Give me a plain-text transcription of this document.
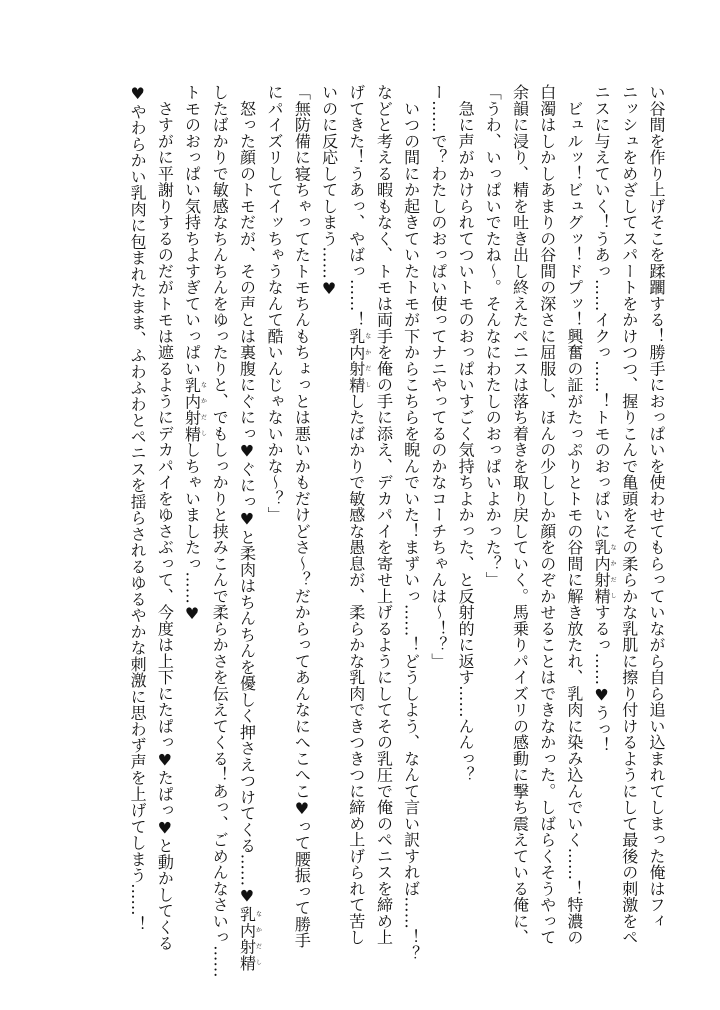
い谷間を作り上げそこを蹂躙する！勝手におっぱいを使わせてもらっていながら自ら追い込まれてしまった俺はフィ

ニッシュをめざしてスパートをかけつつ、握りこんで亀頭をその柔らかな乳肌に擦り付けるようにして最後の刺激をペ

ニスに与えていく！うあっ……イクっ……！トモのおっぱいに乳内射精なかだしするっ……♥うっ！

　ビュルッ！ビュグッ！ドプッ！興奮の証がたっぷりとトモの谷間に解き放たれ、乳肉に染み込んでいく……！特濃の

白濁はしかしあまりの谷間の深さに屈服し、ほんの少ししか顔をのぞかせることはできなかった。しばらくそうやって

余韻に浸り、精を吐き出し終えたペニスは落ち着きを取り戻していく。馬乗りパイズリの感動に撃ち震えている俺に、

「うわ、いっぱいでたね～。そんなにわたしのおっぱいよかった？」

　急に声がかけられてついトモのおっぱいすごく気持ちよかった、と反射的に返す……んんっ？

ー……で？わたしのおっぱい使ってナニやってるのかなコーチちゃんは～！？」

　いつの間にか起きていたトモが下からこちらを睨んでいた！まずいっ……！どうしよう、なんて言い訳すれば……！？

などと考える暇もなく、トモは両手を俺の手に添え、デカパイを寄せ上げるようにしてその乳圧で俺のペニスを締め上

げてきた！うあっ、やばっ……！乳内射精なかだししたばかりで敏感な愚息が、柔らかな乳肉できつきつに締め上げられて苦し

いのに反応してしまう……♥

「無防備に寝ちゃってたトモちんもちょっとは悪いかもだけどさ～？だからってあんなにへこへこ♥って腰振って勝手

にパイズリしてイッちゃうなんて酷いんじゃないかな～？」

　怒った顔のトモだが、その声とは裏腹にぐにっ♥ぐにっ♥と柔肉はちんちんを優しく押さえつけてくる……♥乳内射精なかだし

したばかりで敏感なちんちんをゆったりと、でもしっかりと挟みこんで柔らかさを伝えてくる！あっ、ごめんなさいっ……

トモのおっぱい気持ちよすぎていっぱい乳内射精なかだししちゃいましたっ……♥

　さすがに平謝りするのだがトモは遮るようにデカパイをゆさぶって、今度は上下にたぱっ♥たぱっ♥と動かしてくる

♥やわらかい乳肉に包まれたまま、ふわふわとペニスを揺らされるゆるやかな刺激に思わず声を上げてしまう……！
